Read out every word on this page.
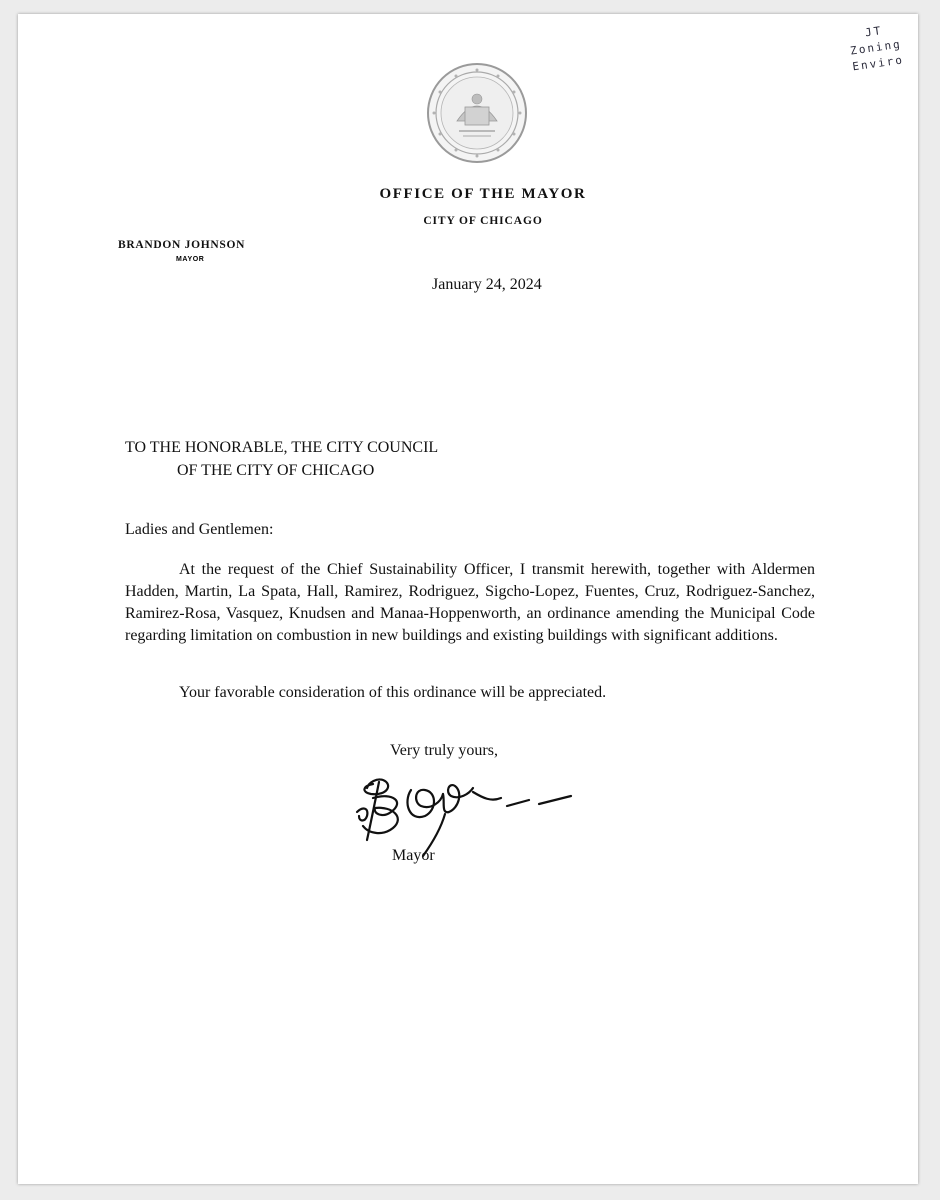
JT
Zoning
Enviro
OFFICE OF THE MAYOR
CITY OF CHICAGO
BRANDON JOHNSON
MAYOR
January 24, 2024
TO THE HONORABLE, THE CITY COUNCIL
OF THE CITY OF CHICAGO
Ladies and Gentlemen:
At the request of the Chief Sustainability Officer, I transmit herewith, together with Aldermen Hadden, Martin, La Spata, Hall, Ramirez, Rodriguez, Sigcho-Lopez, Fuentes, Cruz, Rodriguez-Sanchez, Ramirez-Rosa, Vasquez, Knudsen and Manaa-Hoppenworth, an ordinance amending the Municipal Code regarding limitation on combustion in new buildings and existing buildings with significant additions.
Your favorable consideration of this ordinance will be appreciated.
Very truly yours,
Mayor
